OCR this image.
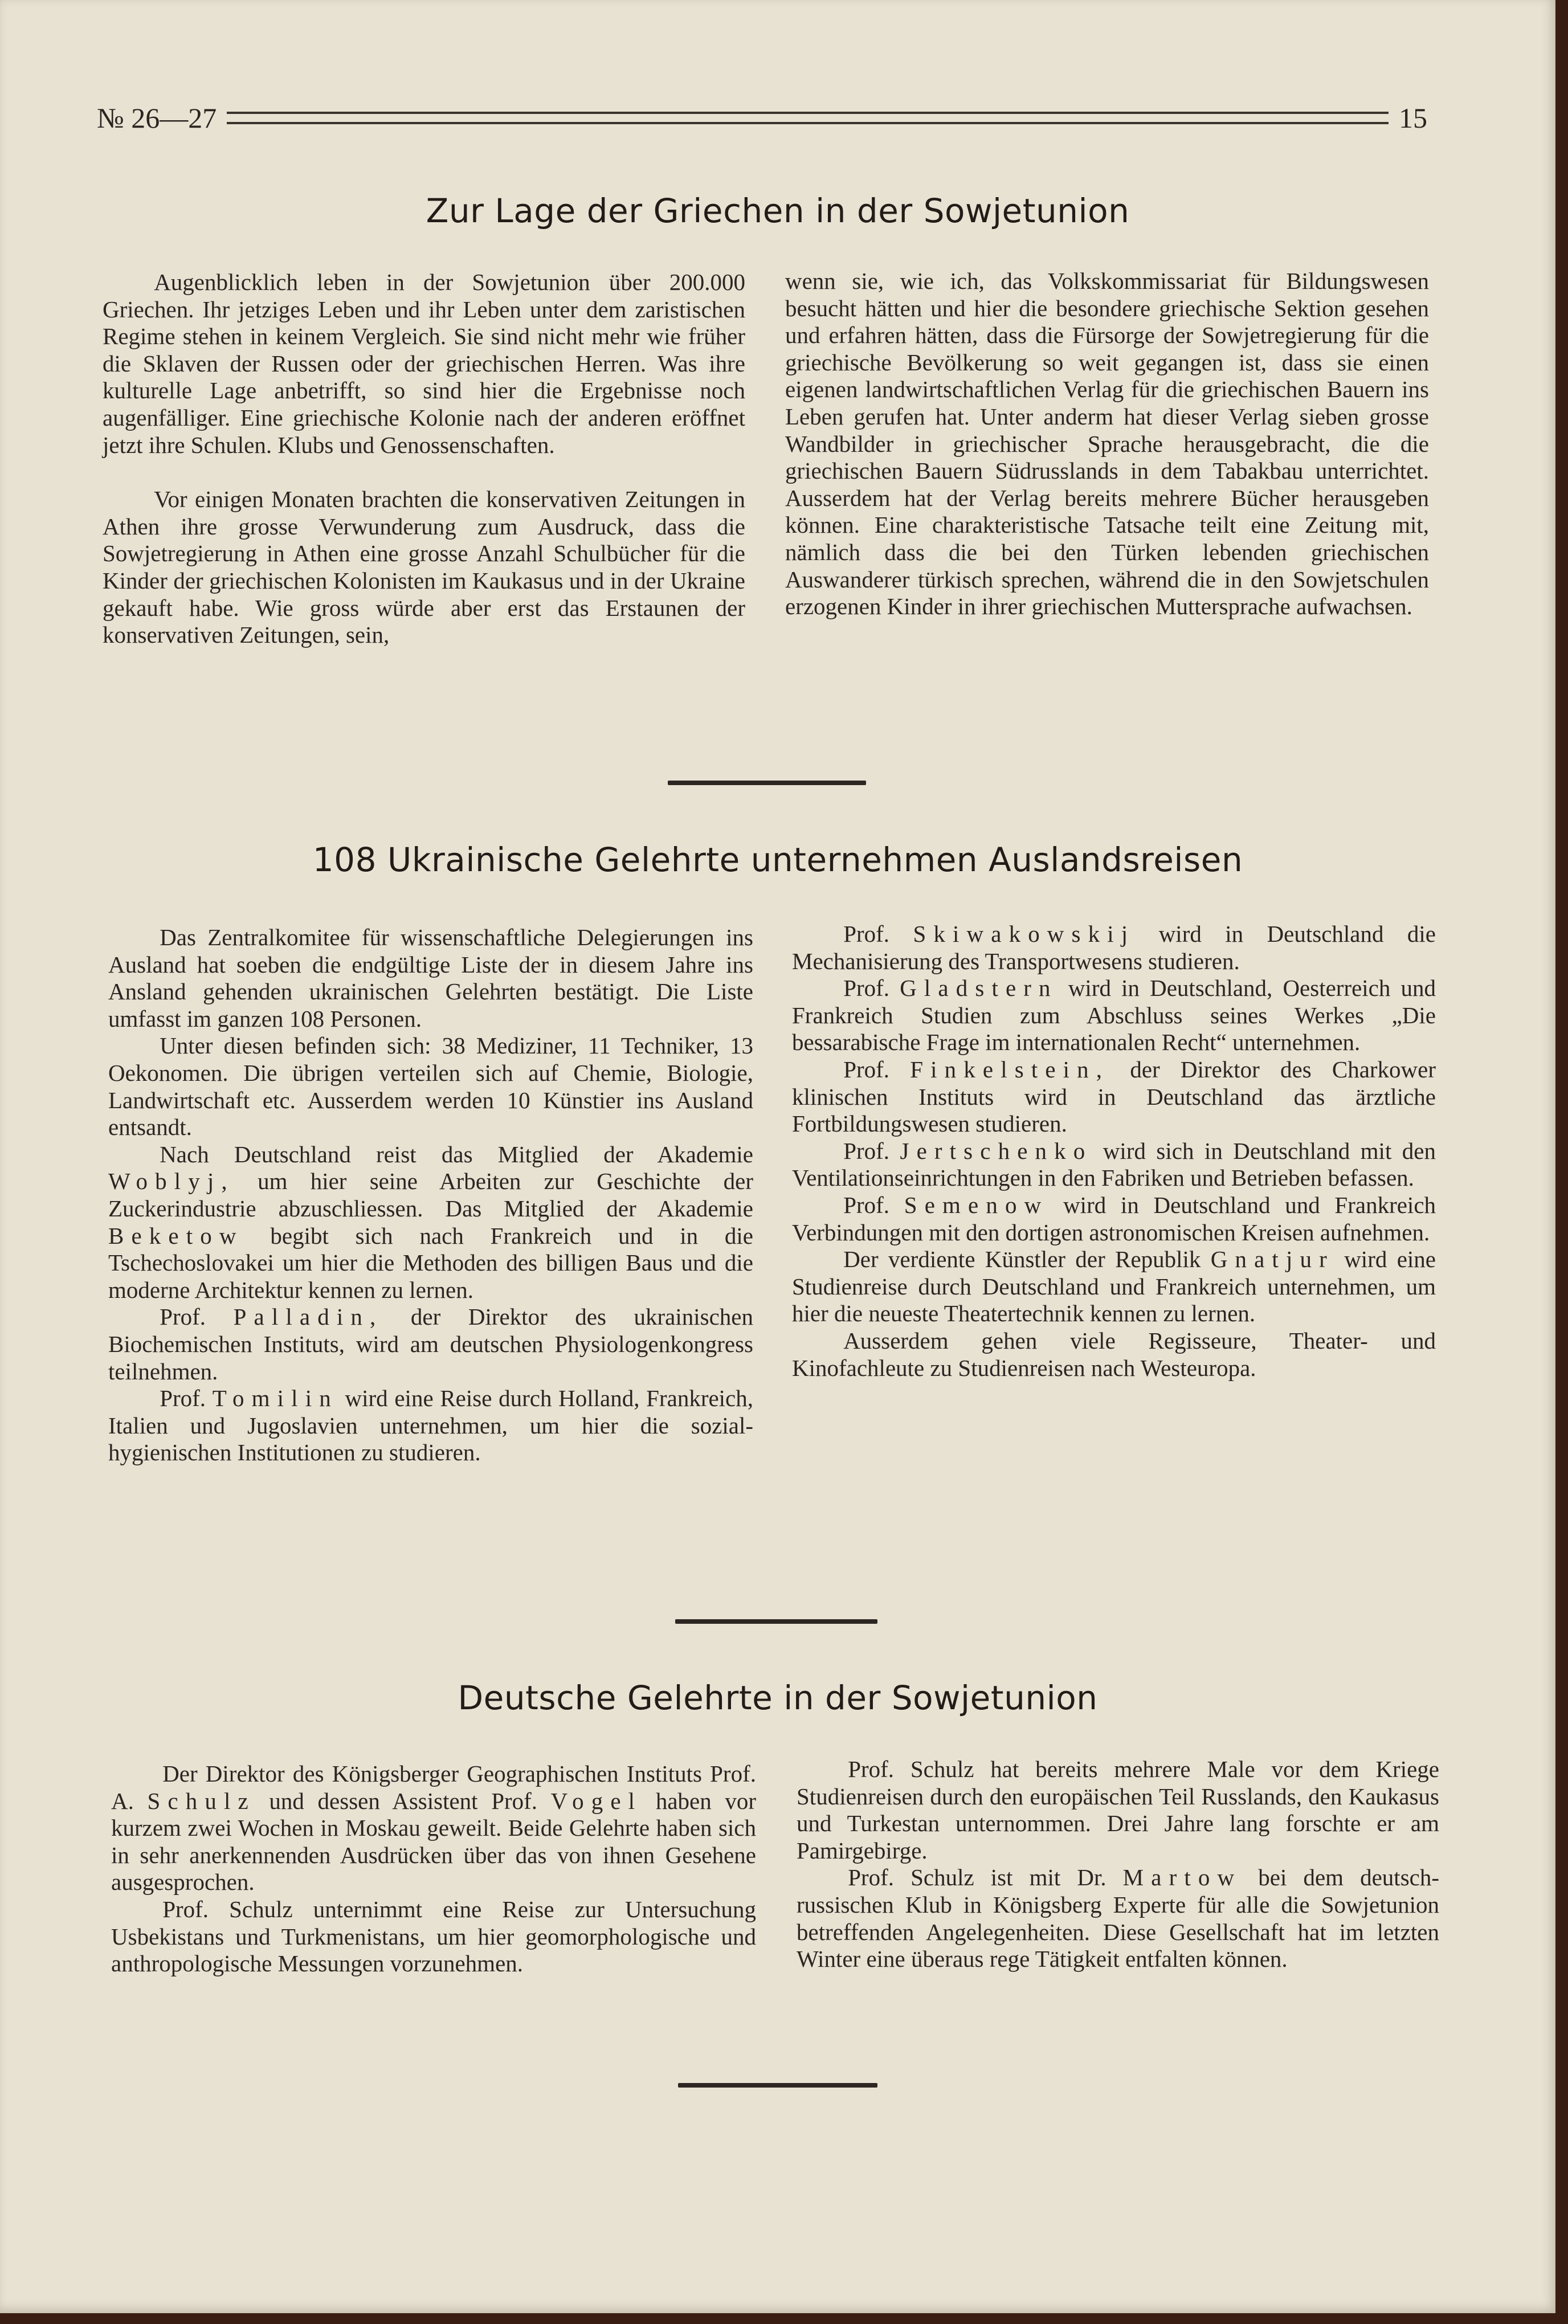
№ 26—27	15
Zur Lage der Griechen in der Sowjetunion

Augenblicklich leben in der Sowjetunion über 200.000 Griechen. Ihr jetziges Leben und ihr Leben unter dem zaristischen Regime stehen in keinem Vergleich. Sie sind nicht mehr wie früher die Sklaven der Russen oder der griechischen Herren. Was ihre kulturelle Lage anbetrifft, so sind hier die Ergebnisse noch augenfälliger. Eine griechische Kolonie nach der anderen eröffnet jetzt ihre Schulen. Klubs und Genossenschaften.

Vor einigen Monaten brachten die konservativen Zeitungen in Athen ihre grosse Verwunderung zum Ausdruck, dass die Sowjetregierung in Athen eine grosse Anzahl Schulbücher für die Kinder der griechischen Kolonisten im Kaukasus und in der Ukraine gekauft habe. Wie gross würde aber erst das Erstaunen der konservativen Zeitungen, sein,

wenn sie, wie ich, das Volkskommissariat für Bildungswesen besucht hätten und hier die besondere griechische Sektion gesehen und erfahren hätten, dass die Fürsorge der Sowjetregierung für die griechische Bevölkerung so weit gegangen ist, dass sie einen eigenen landwirtschaftlichen Verlag für die griechischen Bauern ins Leben gerufen hat. Unter anderm hat dieser Verlag sieben grosse Wandbilder in griechischer Sprache herausgebracht, die die griechischen Bauern Südrusslands in dem Tabakbau unterrichtet. Ausserdem hat der Verlag bereits mehrere Bücher herausgeben können. Eine charakteristische Tatsache teilt eine Zeitung mit, nämlich dass die bei den Türken lebenden griechischen Auswanderer türkisch sprechen, während die in den Sowjetschulen erzogenen Kinder in ihrer griechischen Muttersprache aufwachsen.

108 Ukrainische Gelehrte unternehmen Auslandsreisen

Das Zentralkomitee für wissenschaftliche Delegierungen ins Ausland hat soeben die endgültige Liste der in diesem Jahre ins Ansland gehenden ukrainischen Gelehrten bestätigt. Die Liste umfasst im ganzen 108 Personen.

Unter diesen befinden sich: 38 Mediziner, 11 Techniker, 13 Oekonomen. Die übrigen verteilen sich auf Chemie, Biologie, Landwirtschaft etc. Ausserdem werden 10 Künstier ins Ausland entsandt.

Nach Deutschland reist das Mitglied der Akademie Woblyj, um hier seine Arbeiten zur Geschichte der Zuckerindustrie abzuschliessen. Das Mitglied der Akademie Beketow begibt sich nach Frankreich und in die Tschechoslovakei um hier die Methoden des billigen Baus und die moderne Architektur kennen zu lernen.

Prof. Palladin, der Direktor des ukrainischen Biochemischen Instituts, wird am deutschen Physiologenkongress teilnehmen.

Prof. Tomilin wird eine Reise durch Holland, Frankreich, Italien und Jugoslavien unternehmen, um hier die sozial-hygienischen Institutionen zu studieren.

Prof. Skiwakowskij wird in Deutschland die Mechanisierung des Transportwesens studieren.

Prof. Gladstern wird in Deutschland, Oesterreich und Frankreich Studien zum Abschluss seines Werkes „Die bessarabische Frage im internationalen Recht“ unternehmen.

Prof. Finkelstein, der Direktor des Charkower klinischen Instituts wird in Deutschland das ärztliche Fortbildungswesen studieren.

Prof. Jertschenko wird sich in Deutschland mit den Ventilationseinrichtungen in den Fabriken und Betrieben befassen.

Prof. Semenow wird in Deutschland und Frankreich Verbindungen mit den dortigen astronomischen Kreisen aufnehmen.

Der verdiente Künstler der Republik Gnatjur wird eine Studienreise durch Deutschland und Frankreich unternehmen, um hier die neueste Theatertechnik kennen zu lernen.

Ausserdem gehen viele Regisseure, Theater- und Kinofachleute zu Studienreisen nach Westeuropa.

Deutsche Gelehrte in der Sowjetunion

Der Direktor des Königsberger Geographischen Instituts Prof. A. Schulz und dessen Assistent Prof. Vogel haben vor kurzem zwei Wochen in Moskau geweilt. Beide Gelehrte haben sich in sehr anerkennenden Ausdrücken über das von ihnen Gesehene ausgesprochen.

Prof. Schulz unternimmt eine Reise zur Untersuchung Usbekistans und Turkmenistans, um hier geomorphologische und anthropologische Messungen vorzunehmen.

Prof. Schulz hat bereits mehrere Male vor dem Kriege Studienreisen durch den europäischen Teil Russlands, den Kaukasus und Turkestan unternommen. Drei Jahre lang forschte er am Pamirgebirge.

Prof. Schulz ist mit Dr. Martow bei dem deutsch-russischen Klub in Königsberg Experte für alle die Sowjetunion betreffenden Angelegenheiten. Diese Gesellschaft hat im letzten Winter eine überaus rege Tätigkeit entfalten können.
